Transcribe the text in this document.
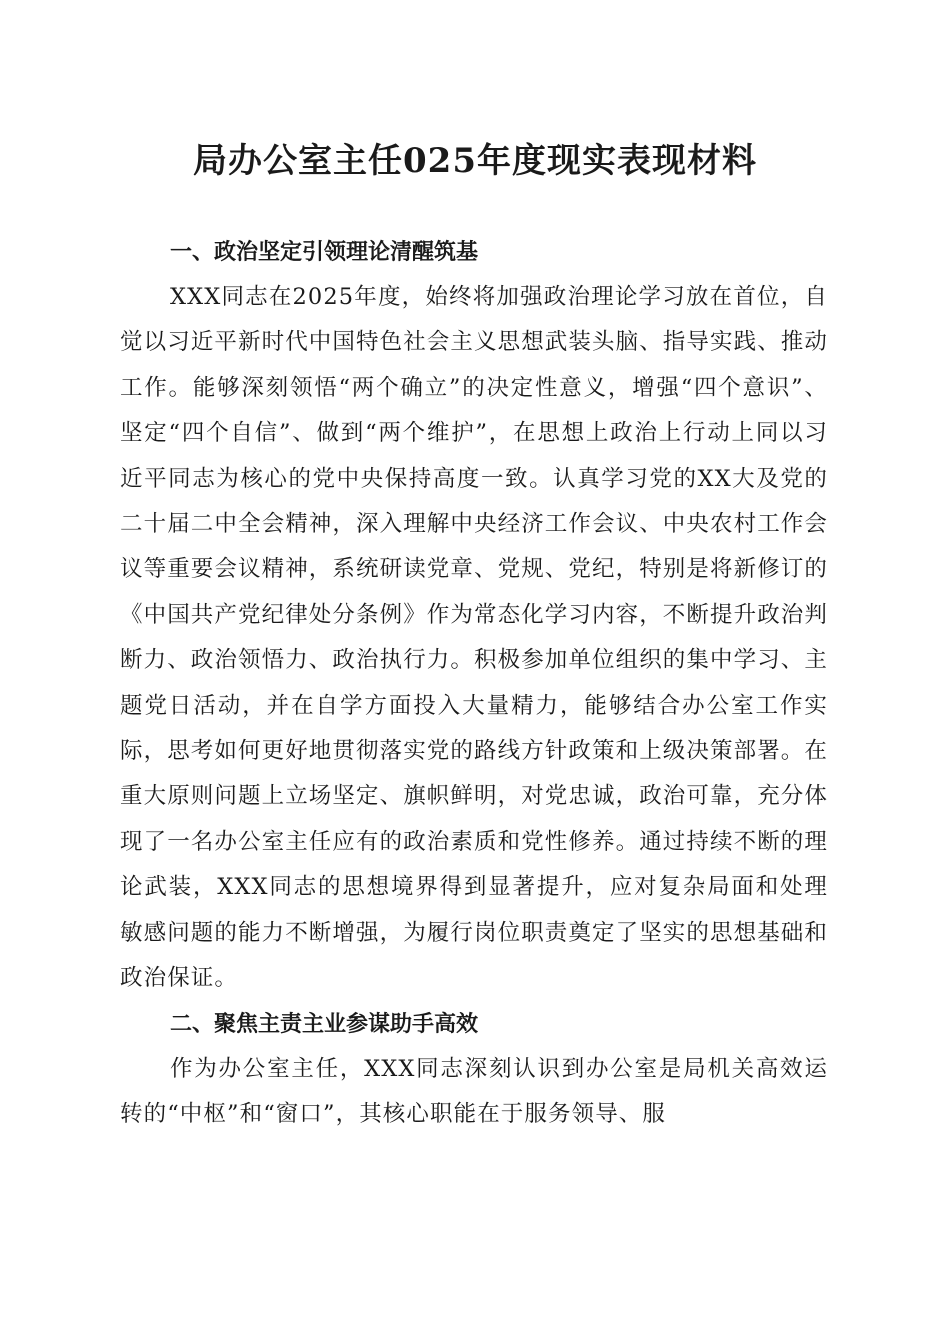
局办公室主任025年度现实表现材料
一、政治坚定引领理论清醒筑基

XXX同志在2025年度，始终将加强政治理论学习放在首位，自觉以习近平新时代中国特色社会主义思想武装头脑、指导实践、推动工作。能够深刻领悟“两个确立”的决定性意义，增强“四个意识”、坚定“四个自信”、做到“两个维护”，在思想上政治上行动上同以习近平同志为核心的党中央保持高度一致。认真学习党的XX大及党的二十届二中全会精神，深入理解中央经济工作会议、中央农村工作会议等重要会议精神，系统研读党章、党规、党纪，特别是将新修订的《中国共产党纪律处分条例》作为常态化学习内容，不断提升政治判断力、政治领悟力、政治执行力。积极参加单位组织的集中学习、主题党日活动，并在自学方面投入大量精力，能够结合办公室工作实际，思考如何更好地贯彻落实党的路线方针政策和上级决策部署。在重大原则问题上立场坚定、旗帜鲜明，对党忠诚，政治可靠，充分体现了一名办公室主任应有的政治素质和党性修养。通过持续不断的理论武装，XXX同志的思想境界得到显著提升，应对复杂局面和处理敏感问题的能力不断增强，为履行岗位职责奠定了坚实的思想基础和政治保证。

二、聚焦主责主业参谋助手高效

作为办公室主任，XXX同志深刻认识到办公室是局机关高效运转的“中枢”和“窗口”，其核心职能在于服务领导、服
